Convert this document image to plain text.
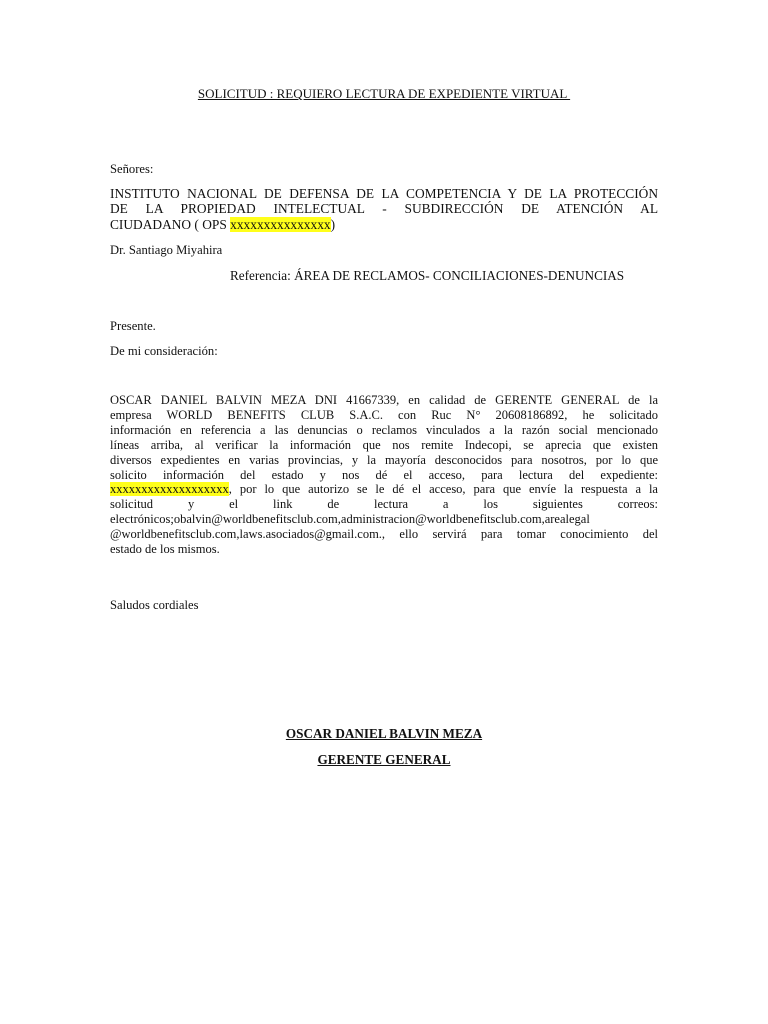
SOLICITUD : REQUIERO LECTURA DE EXPEDIENTE VIRTUAL
Señores:
INSTITUTO NACIONAL DE DEFENSA DE LA COMPETENCIA Y DE LA PROTECCIÓN
DE LA PROPIEDAD INTELECTUAL - SUBDIRECCIÓN DE ATENCIÓN AL
CIUDADANO ( OPS xxxxxxxxxxxxxxx)
Dr. Santiago Miyahira
Referencia: ÁREA DE RECLAMOS- CONCILIACIONES-DENUNCIAS
Presente.
De mi consideración:
OSCAR DANIEL BALVIN MEZA DNI 41667339, en calidad de GERENTE GENERAL de la
empresa WORLD BENEFITS CLUB S.A.C. con Ruc N° 20608186892, he solicitado
información en referencia a las denuncias o reclamos vinculados a la razón social mencionado
líneas arriba, al verificar la información que nos remite Indecopi, se aprecia que existen
diversos expedientes en varias provincias, y la mayoría desconocidos para nosotros, por lo que
solicito información del estado y nos dé el acceso, para lectura del expediente:
xxxxxxxxxxxxxxxxxxx, por lo que autorizo se le dé el acceso, para que envíe la respuesta a la
solicitud y el link de lectura a los siguientes correos:
electrónicos;obalvin@worldbenefitsclub.com,administracion@worldbenefitsclub.com,arealegal
@worldbenefitsclub.com,laws.asociados@gmail.com., ello servirá para tomar conocimiento del
estado de los mismos.
Saludos cordiales
OSCAR DANIEL BALVIN MEZA
GERENTE GENERAL
